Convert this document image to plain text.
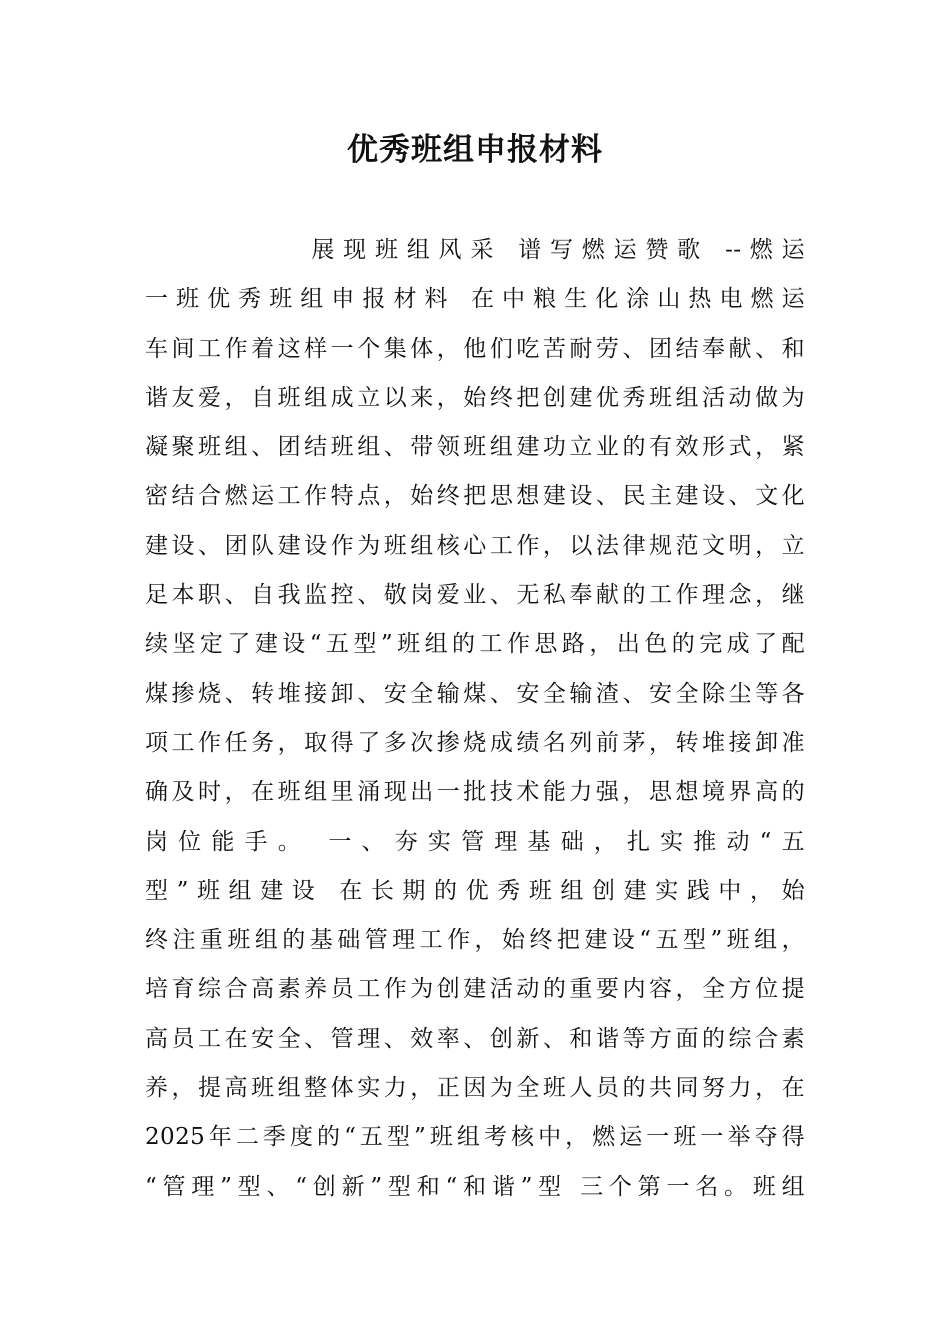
优秀班组申报材料
展现班组风采 谱写燃运赞歌 --燃运
一班优秀班组申报材料 在中粮生化涂山热电燃运
车间工作着这样一个集体，他们吃苦耐劳、团结奉献、和
谐友爱，自班组成立以来，始终把创建优秀班组活动做为
凝聚班组、团结班组、带领班组建功立业的有效形式，紧
密结合燃运工作特点，始终把思想建设、民主建设、文化
建设、团队建设作为班组核心工作，以法律规范文明，立
足本职、自我监控、敬岗爱业、无私奉献的工作理念，继
续坚定了建设“五型”班组的工作思路，出色的完成了配
煤掺烧、转堆接卸、安全输煤、安全输渣、安全除尘等各
项工作任务，取得了多次掺烧成绩名列前茅，转堆接卸准
确及时，在班组里涌现出一批技术能力强，思想境界高的
岗位能手。 一、夯实管理基础，扎实推动“五
型”班组建设 在长期的优秀班组创建实践中，始
终注重班组的基础管理工作，始终把建设“五型”班组，
培育综合高素养员工作为创建活动的重要内容，全方位提
高员工在安全、管理、效率、创新、和谐等方面的综合素
养，提高班组整体实力，正因为全班人员的共同努力，在
2025年二季度的“五型”班组考核中，燃运一班一举夺得
“管理”型、“创新”型和“和谐”型 三个第一名。班组
